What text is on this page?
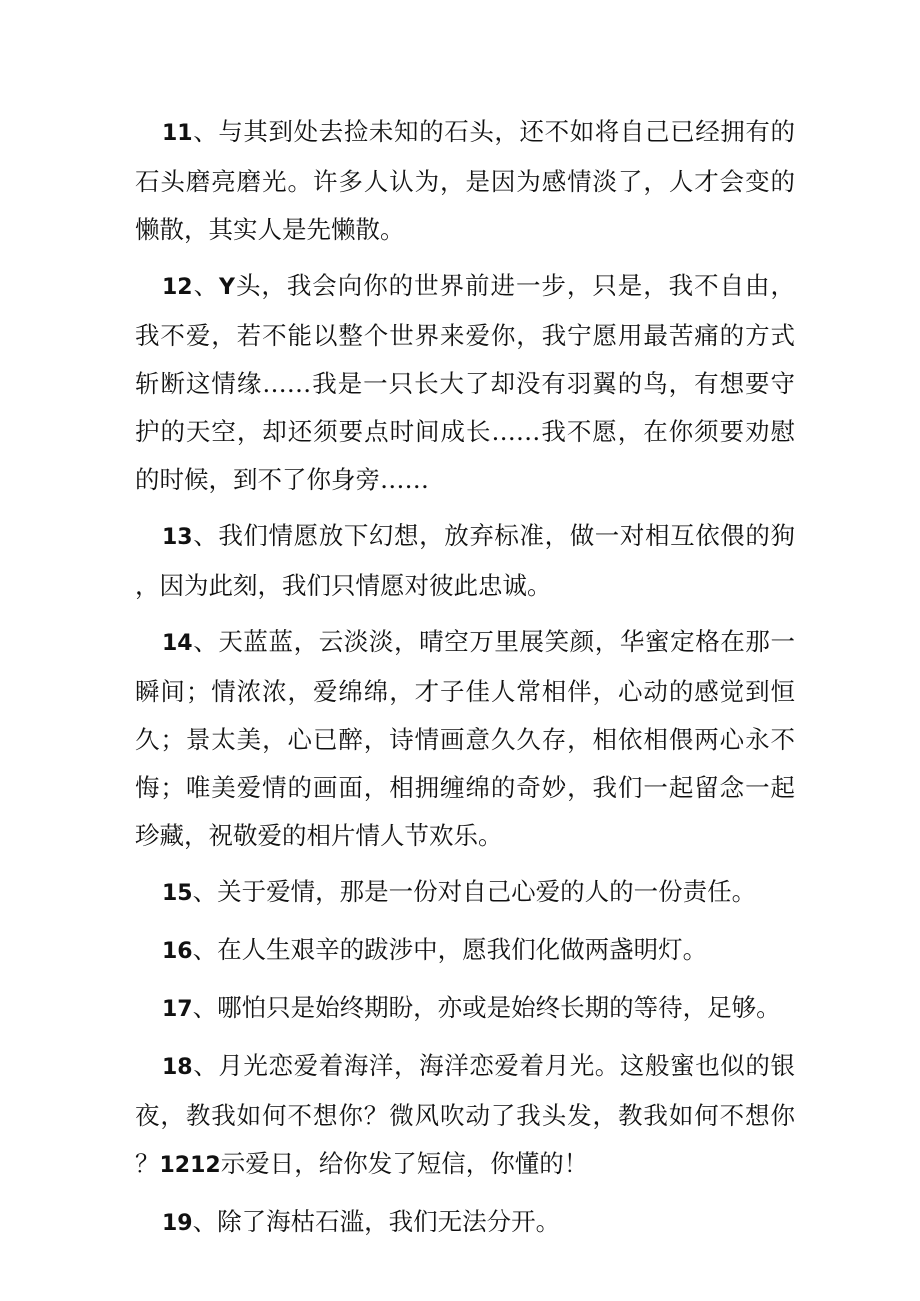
11、与其到处去捡未知的石头，还不如将自己已经拥有的石头磨亮磨光。许多人认为，是因为感情淡了，人才会变的懒散，其实人是先懒散。

12、Y头，我会向你的世界前进一步，只是，我不自由，我不爱，若不能以整个世界来爱你，我宁愿用最苦痛的方式斩断这情缘……我是一只长大了却没有羽翼的鸟，有想要守护的天空，却还须要点时间成长……我不愿，在你须要劝慰的时候，到不了你身旁……

13、我们情愿放下幻想，放弃标准，做一对相互依偎的狗，因为此刻，我们只情愿对彼此忠诚。

14、天蓝蓝，云淡淡，晴空万里展笑颜，华蜜定格在那一瞬间；情浓浓，爱绵绵，才子佳人常相伴，心动的感觉到恒久；景太美，心已醉，诗情画意久久存，相依相偎两心永不悔；唯美爱情的画面，相拥缠绵的奇妙，我们一起留念一起珍藏，祝敬爱的相片情人节欢乐。

15、关于爱情，那是一份对自己心爱的人的一份责任。

16、在人生艰辛的跋涉中，愿我们化做两盏明灯。

17、哪怕只是始终期盼，亦或是始终长期的等待，足够。

18、月光恋爱着海洋，海洋恋爱着月光。这般蜜也似的银夜，教我如何不想你？微风吹动了我头发，教我如何不想你？1212示爱日，给你发了短信，你懂的！

19、除了海枯石滥，我们无法分开。
